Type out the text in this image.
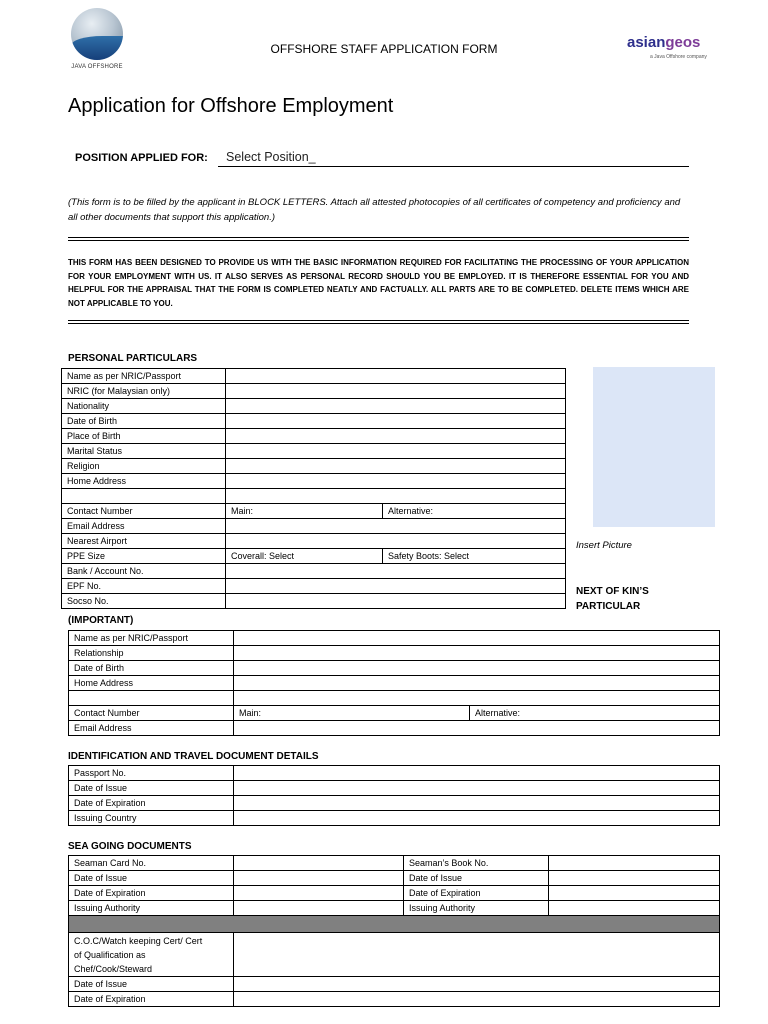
JAVA OFFSHORE
OFFSHORE STAFF APPLICATION FORM	asiangeos
a Java Offshore company
Application for Offshore Employment
POSITION APPLIED FOR: Select Position_
(This form is to be filled by the applicant in BLOCK LETTERS. Attach all attested photocopies of all certificates of competency and proficiency and all other documents that support this application.)
THIS FORM HAS BEEN DESIGNED TO PROVIDE US WITH THE BASIC INFORMATION REQUIRED FOR FACILITATING THE PROCESSING OF YOUR APPLICATION FOR YOUR EMPLOYMENT WITH US. IT ALSO SERVES AS PERSONAL RECORD SHOULD YOU BE EMPLOYED. IT IS THEREFORE ESSENTIAL FOR YOU AND HELPFUL FOR THE APPRAISAL THAT THE FORM IS COMPLETED NEATLY AND FACTUALLY. ALL PARTS ARE TO BE COMPLETED. DELETE ITEMS WHICH ARE NOT APPLICABLE TO YOU.
PERSONAL PARTICULARS
Name as per NRIC/Passport		
NRIC (for Malaysian only)		
Nationality		
Date of Birth		
Place of Birth		
Marital Status		
Religion		
Home Address		

Contact Number	Main:	Alternative:
Email Address		
Nearest Airport		
PPE Size	Coverall: Select	Safety Boots: Select
Bank / Account No.		
EPF No.		
Socso No.		
Insert Picture
NEXT OF KIN’S
PARTICULAR
(IMPORTANT)
Name as per NRIC/Passport		
Relationship		
Date of Birth		
Home Address		

Contact Number	Main:	Alternative:
Email Address		
IDENTIFICATION AND TRAVEL DOCUMENT DETAILS
Passport No.	
Date of Issue	
Date of Expiration	
Issuing Country	
SEA GOING DOCUMENTS
Seaman Card No.		Seaman’s Book No.	
Date of Issue		Date of Issue	
Date of Expiration		Date of Expiration	
Issuing Authority		Issuing Authority	

C.O.C/Watch keeping Cert/ Cert
of Qualification as
Chef/Cook/Steward			

Date of Issue			
Date of Expiration			
